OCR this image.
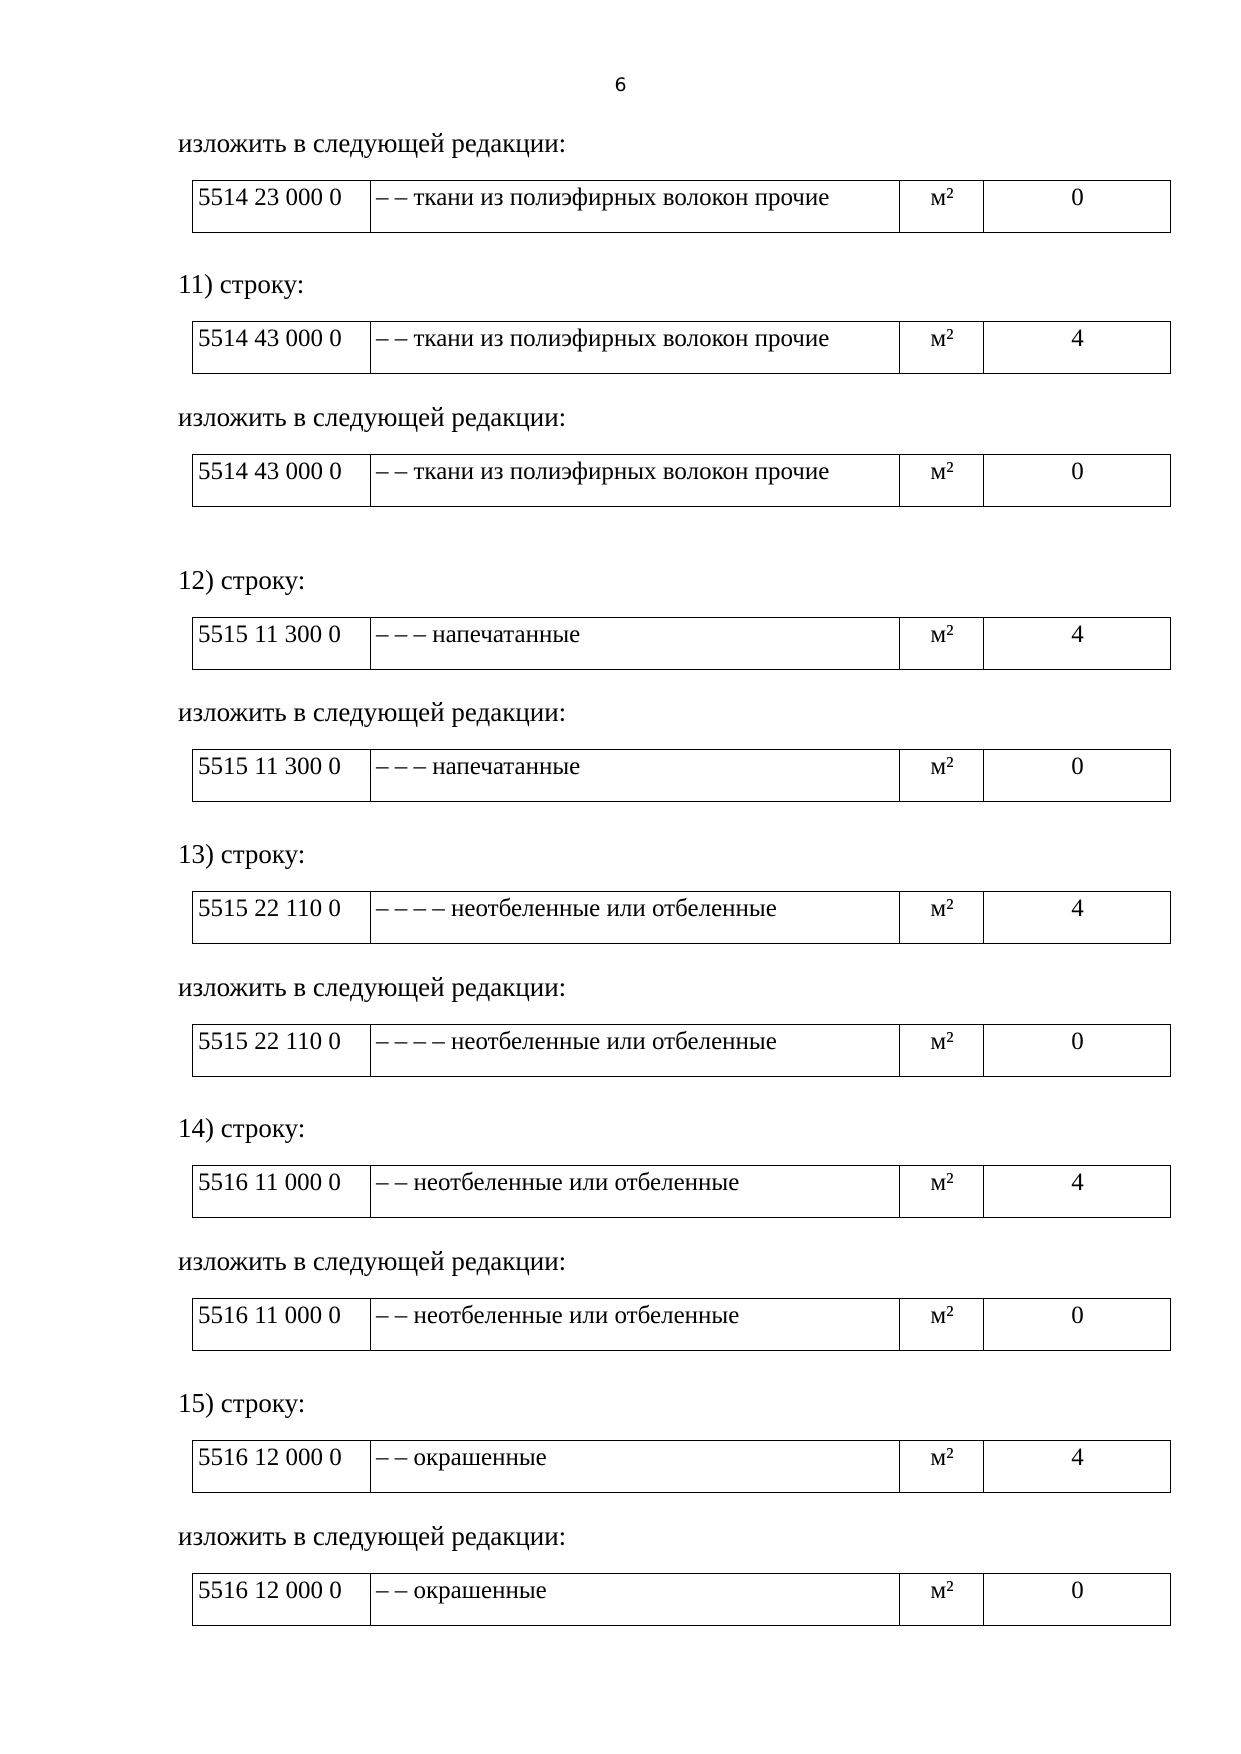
6
изложить в следующей редакции:
5514 23 000 0	– – ткани из полиэфирных волокон прочие	м²	0
11) строку:
5514 43 000 0	– – ткани из полиэфирных волокон прочие	м²	4
изложить в следующей редакции:
5514 43 000 0	– – ткани из полиэфирных волокон прочие	м²	0
12) строку:
5515 11 300 0	– – – напечатанные	м²	4
изложить в следующей редакции:
5515 11 300 0	– – – напечатанные	м²	0
13) строку:
5515 22 110 0	– – – – неотбеленные или отбеленные	м²	4
изложить в следующей редакции:
5515 22 110 0	– – – – неотбеленные или отбеленные	м²	0
14) строку:
5516 11 000 0	– – неотбеленные или отбеленные	м²	4
изложить в следующей редакции:
5516 11 000 0	– – неотбеленные или отбеленные	м²	0
15) строку:
5516 12 000 0	– – окрашенные	м²	4
изложить в следующей редакции:
5516 12 000 0	– – окрашенные	м²	0
